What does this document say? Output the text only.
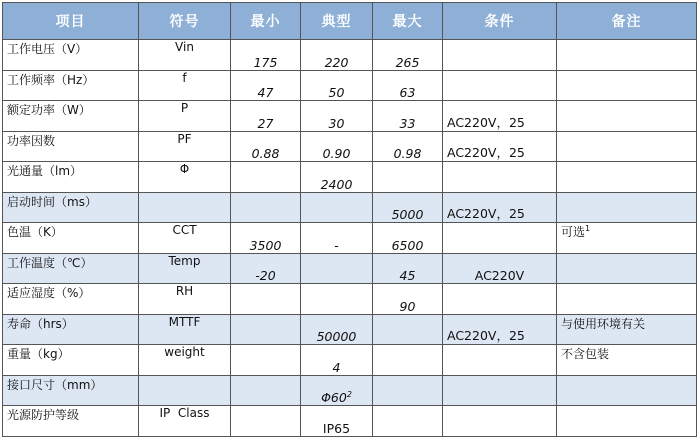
项目	符号	最小	典型	最大	条件	备注
工作电压（V）	Vin	175	220	265		
工作频率（Hz）	f	47	50	63		
额定功率（W）	P	27	30	33	AC220V，25	
功率因数	PF	0.88	0.90	0.98	AC220V，25	
光通量（lm）	Φ		2400			
启动时间（ms）				5000	AC220V，25	
色温（K）	CCT	3500	-	6500		可选$^1$
工作温度（℃）	Temp	-20		45	AC220V	
适应湿度（%）	RH			90		
寿命（hrs）	MTTF		50000		AC220V，25	与使用环境有关
重量（kg）	weight		4			不含包装
接口尺寸（mm）			$\Phi 60^2$			
光源防护等级	IP  Class		IP65			
